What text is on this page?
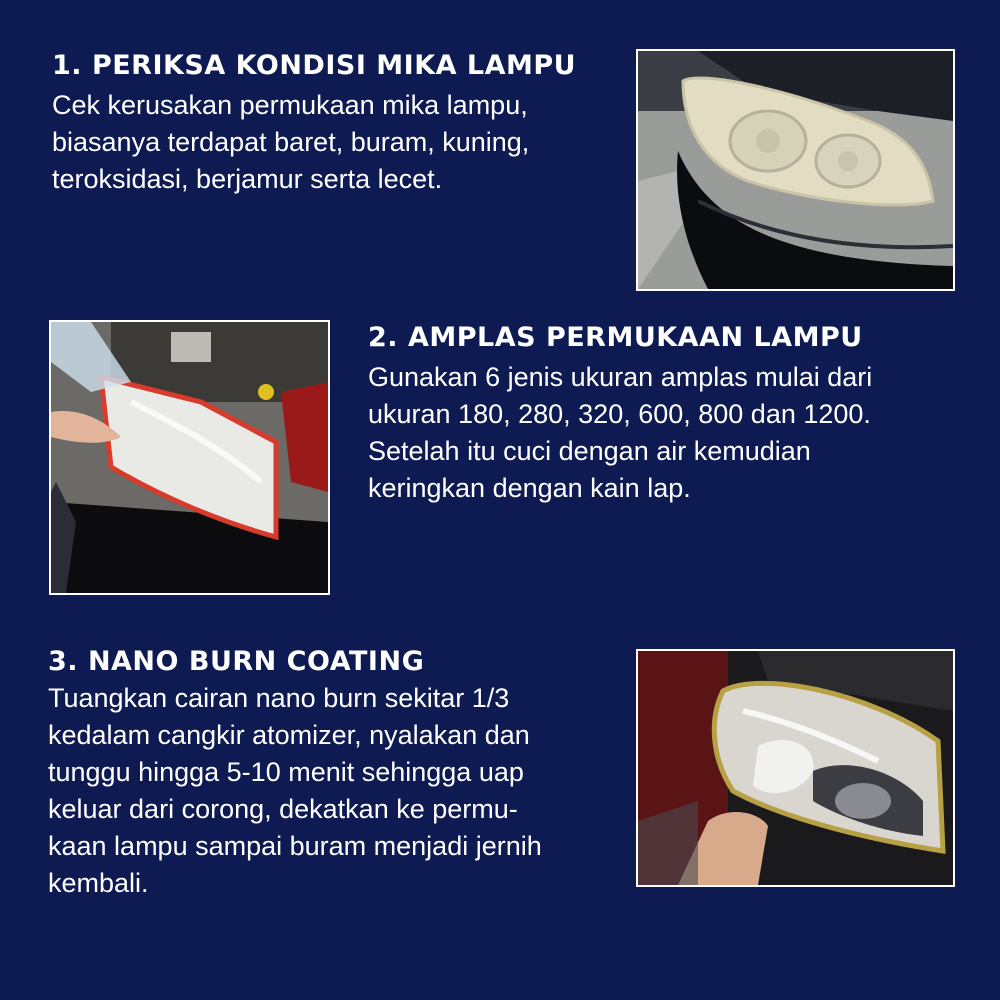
1. PERIKSA KONDISI MIKA LAMPU

Cek kerusakan permukaan mika lampu,
biasanya terdapat baret, buram, kuning,
teroksidasi, berjamur serta lecet.

2. AMPLAS PERMUKAAN LAMPU

Gunakan 6 jenis ukuran amplas mulai dari
ukuran 180, 280, 320, 600, 800 dan 1200.
Setelah itu cuci dengan air kemudian
keringkan dengan kain lap.

3. NANO BURN COATING

Tuangkan cairan nano burn sekitar 1/3
kedalam cangkir atomizer, nyalakan dan
tunggu hingga 5-10 menit sehingga uap
keluar dari corong, dekatkan ke permu-
kaan lampu sampai buram menjadi jernih
kembali.
